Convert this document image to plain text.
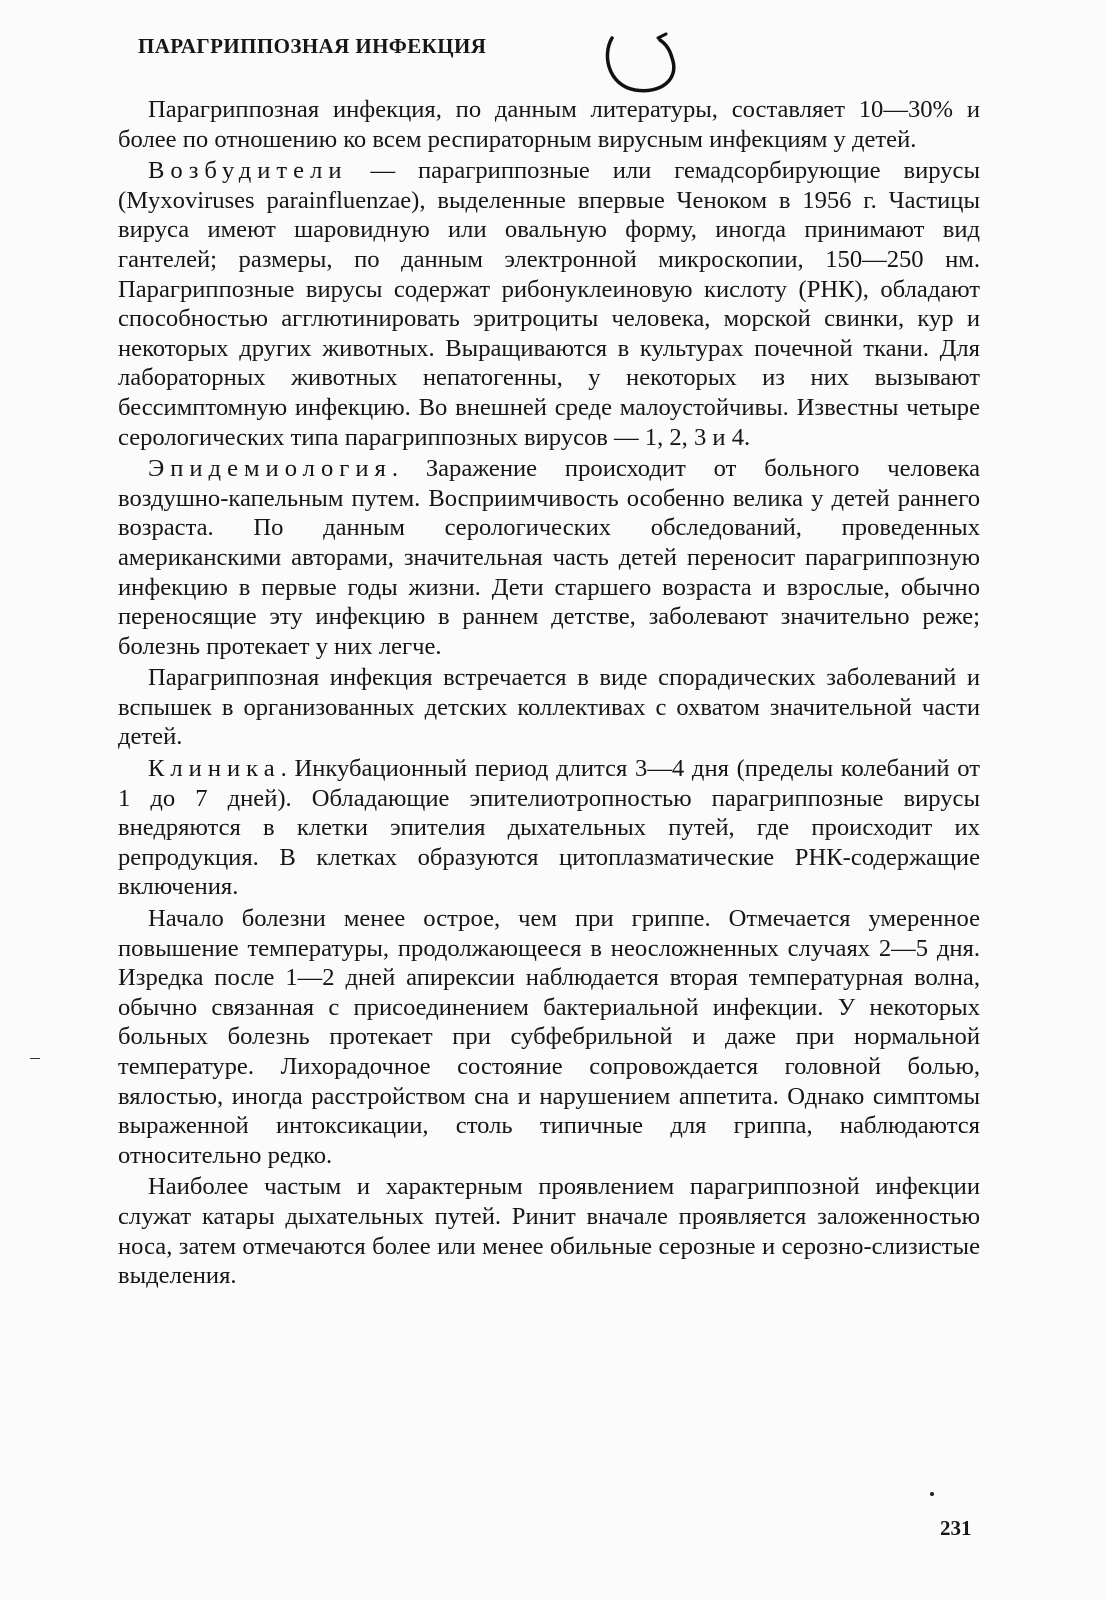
ПАРАГРИППОЗНАЯ ИНФЕКЦИЯ

Парагриппозная инфекция, по данным литературы, составляет 10—30% и более по отношению ко всем респираторным вирусным инфекциям у детей.

Возбудители — парагриппозные или гемадсорбирующие вирусы (Myxoviruses parainfluenzae), выделенные впервые Ченоком в 1956 г. Частицы вируса имеют шаровидную или овальную форму, иногда принимают вид гантелей; размеры, по данным электронной микроскопии, 150—250 нм. Парагриппозные вирусы содержат рибонуклеиновую кислоту (РНК), обладают способностью агглютинировать эритроциты человека, морской свинки, кур и некоторых других животных. Выращиваются в культурах почечной ткани. Для лабораторных животных непатогенны, у некоторых из них вызывают бессимптомную инфекцию. Во внешней среде малоустойчивы. Известны четыре серологических типа парагриппозных вирусов — 1, 2, 3 и 4.

Эпидемиология. Заражение происходит от больного человека воздушно-капельным путем. Восприимчивость особенно велика у детей раннего возраста. По данным серологических обследований, проведенных американскими авторами, значительная часть детей переносит парагриппозную инфекцию в первые годы жизни. Дети старшего возраста и взрослые, обычно переносящие эту инфекцию в раннем детстве, заболевают значительно реже; болезнь протекает у них легче.

Парагриппозная инфекция встречается в виде спорадических заболеваний и вспышек в организованных детских коллективах с охватом значительной части детей.

Клиника. Инкубационный период длится 3—4 дня (пределы колебаний от 1 до 7 дней). Обладающие эпителиотропностью парагриппозные вирусы внедряются в клетки эпителия дыхательных путей, где происходит их репродукция. В клетках образуются цитоплазматические РНК-содержащие включения.

Начало болезни менее острое, чем при гриппе. Отмечается умеренное повышение температуры, продолжающееся в неосложненных случаях 2—5 дня. Изредка после 1—2 дней апирексии наблюдается вторая температурная волна, обычно связанная с присоединением бактериальной инфекции. У некоторых больных болезнь протекает при субфебрильной и даже при нормальной температуре. Лихорадочное состояние сопровождается головной болью, вялостью, иногда расстройством сна и нарушением аппетита. Однако симптомы выраженной интоксикации, столь типичные для гриппа, наблюдаются относительно редко.

Наиболее частым и характерным проявлением парагриппозной инфекции служат катары дыхательных путей. Ринит вначале проявляется заложенностью носа, затем отмечаются более или менее обильные серозные и серозно-слизистые выделения.

231
